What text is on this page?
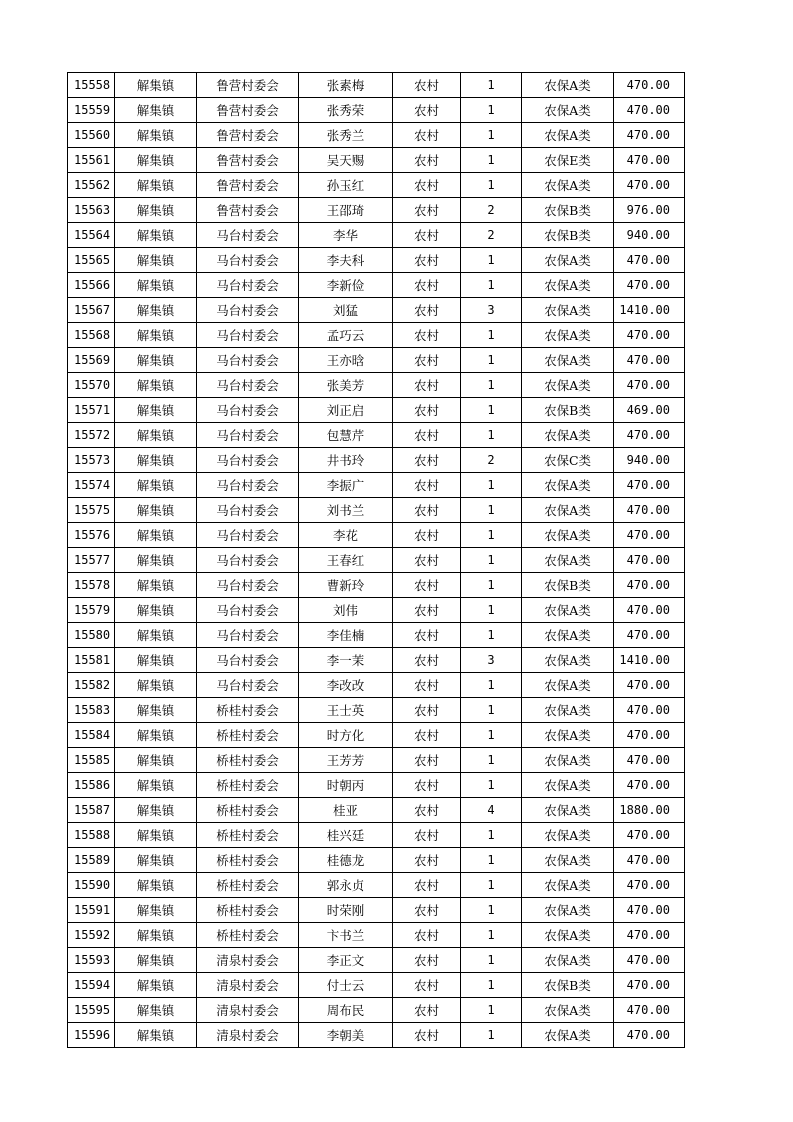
15558	解集镇	鲁营村委会	张素梅	农村	1	农保A类	470.00
15559	解集镇	鲁营村委会	张秀荣	农村	1	农保A类	470.00
15560	解集镇	鲁营村委会	张秀兰	农村	1	农保A类	470.00
15561	解集镇	鲁营村委会	吴天赐	农村	1	农保E类	470.00
15562	解集镇	鲁营村委会	孙玉红	农村	1	农保A类	470.00
15563	解集镇	鲁营村委会	王邵琦	农村	2	农保B类	976.00
15564	解集镇	马台村委会	李华	农村	2	农保B类	940.00
15565	解集镇	马台村委会	李夫科	农村	1	农保A类	470.00
15566	解集镇	马台村委会	李新俭	农村	1	农保A类	470.00
15567	解集镇	马台村委会	刘猛	农村	3	农保A类	1410.00
15568	解集镇	马台村委会	孟巧云	农村	1	农保A类	470.00
15569	解集镇	马台村委会	王亦晗	农村	1	农保A类	470.00
15570	解集镇	马台村委会	张美芳	农村	1	农保A类	470.00
15571	解集镇	马台村委会	刘正启	农村	1	农保B类	469.00
15572	解集镇	马台村委会	包慧芹	农村	1	农保A类	470.00
15573	解集镇	马台村委会	井书玲	农村	2	农保C类	940.00
15574	解集镇	马台村委会	李振广	农村	1	农保A类	470.00
15575	解集镇	马台村委会	刘书兰	农村	1	农保A类	470.00
15576	解集镇	马台村委会	李花	农村	1	农保A类	470.00
15577	解集镇	马台村委会	王春红	农村	1	农保A类	470.00
15578	解集镇	马台村委会	曹新玲	农村	1	农保B类	470.00
15579	解集镇	马台村委会	刘伟	农村	1	农保A类	470.00
15580	解集镇	马台村委会	李佳楠	农村	1	农保A类	470.00
15581	解集镇	马台村委会	李一茉	农村	3	农保A类	1410.00
15582	解集镇	马台村委会	李改改	农村	1	农保A类	470.00
15583	解集镇	桥桂村委会	王士英	农村	1	农保A类	470.00
15584	解集镇	桥桂村委会	时方化	农村	1	农保A类	470.00
15585	解集镇	桥桂村委会	王芳芳	农村	1	农保A类	470.00
15586	解集镇	桥桂村委会	时朝丙	农村	1	农保A类	470.00
15587	解集镇	桥桂村委会	桂亚	农村	4	农保A类	1880.00
15588	解集镇	桥桂村委会	桂兴廷	农村	1	农保A类	470.00
15589	解集镇	桥桂村委会	桂德龙	农村	1	农保A类	470.00
15590	解集镇	桥桂村委会	郭永贞	农村	1	农保A类	470.00
15591	解集镇	桥桂村委会	时荣刚	农村	1	农保A类	470.00
15592	解集镇	桥桂村委会	卞书兰	农村	1	农保A类	470.00
15593	解集镇	清泉村委会	李正文	农村	1	农保A类	470.00
15594	解集镇	清泉村委会	付士云	农村	1	农保B类	470.00
15595	解集镇	清泉村委会	周布民	农村	1	农保A类	470.00
15596	解集镇	清泉村委会	李朝美	农村	1	农保A类	470.00
